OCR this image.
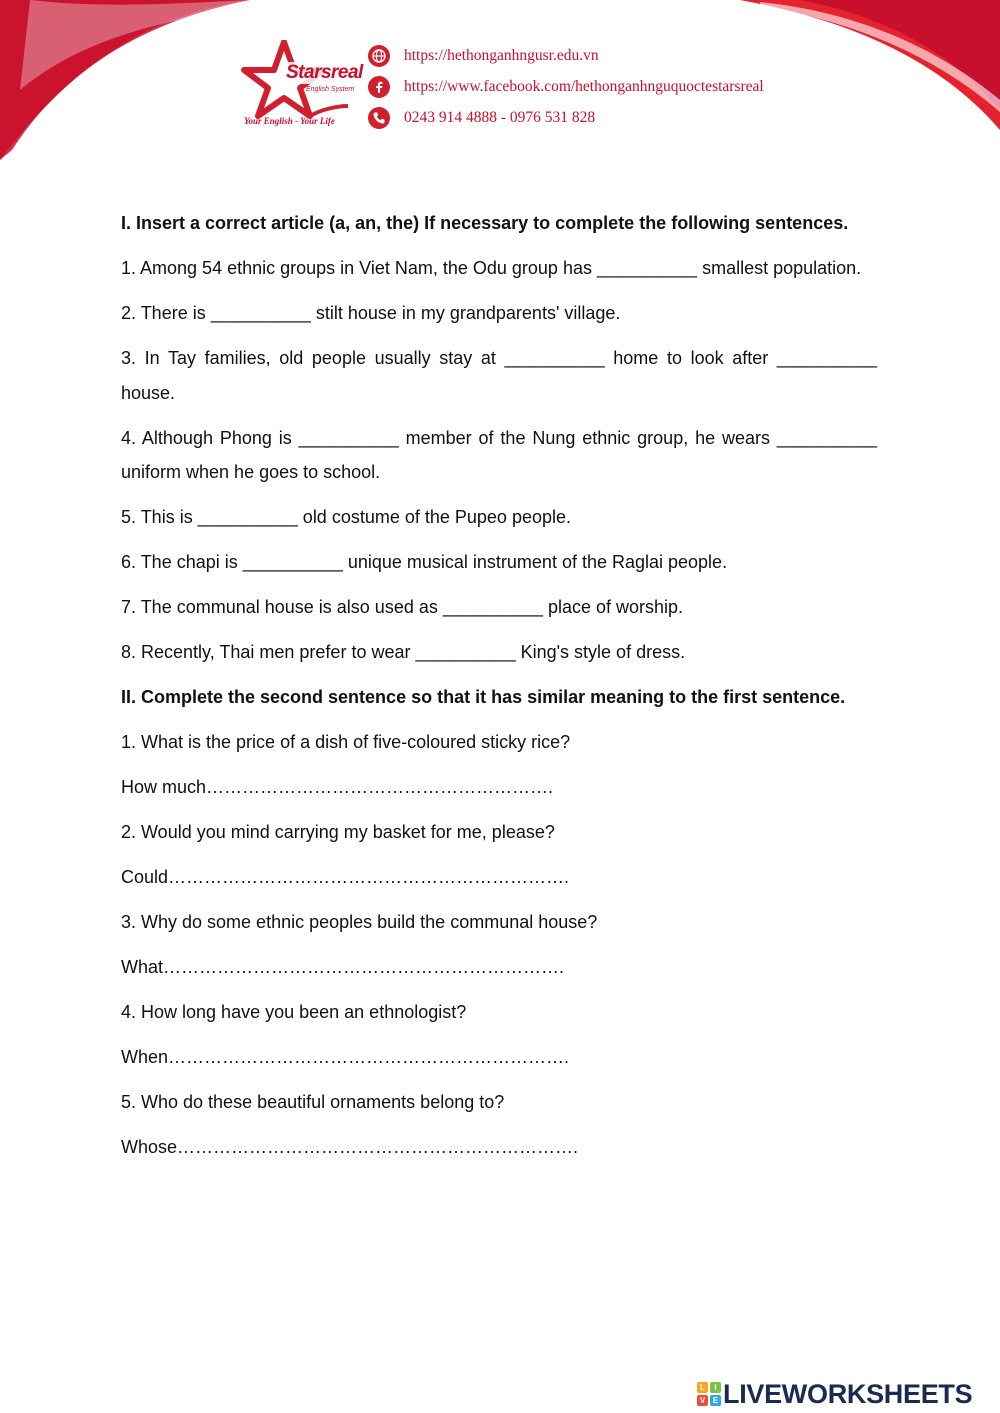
Starsreal
English System
Your English - Your Life
https://hethonganhngusr.edu.vn
https://www.facebook.com/hethonganhnguquoctestarsreal
0243 914 4888 - 0976 531 828

I. Insert a correct article (a, an, the) If necessary to complete the following sentences.

1. Among 54 ethnic groups in Viet Nam, the Odu group has __________ smallest population.

2. There is __________ stilt house in my grandparents' village.

3. In Tay families, old people usually stay at __________ home to look after __________ house.

4. Although Phong is __________ member of the Nung ethnic group, he wears __________ uniform when he goes to school.

5. This is __________ old costume of the Pupeo people.

6. The chapi is __________ unique musical instrument of the Raglai people.

7. The communal house is also used as __________ place of worship.

8. Recently, Thai men prefer to wear __________ King's style of dress.

II. Complete the second sentence so that it has similar meaning to the first sentence.

1. What is the price of a dish of five-coloured sticky rice?

How much………………………………………………….

2. Would you mind carrying my basket for me, please?

Could………………………………………………………….

3. Why do some ethnic peoples build the communal house?

What………………………………………………………….

4. How long have you been an ethnologist?

When………………………………………………………….

5. Who do these beautiful ornaments belong to?

Whose………………………………………………………….

L	I
V E LIVEWORKSHEETS
